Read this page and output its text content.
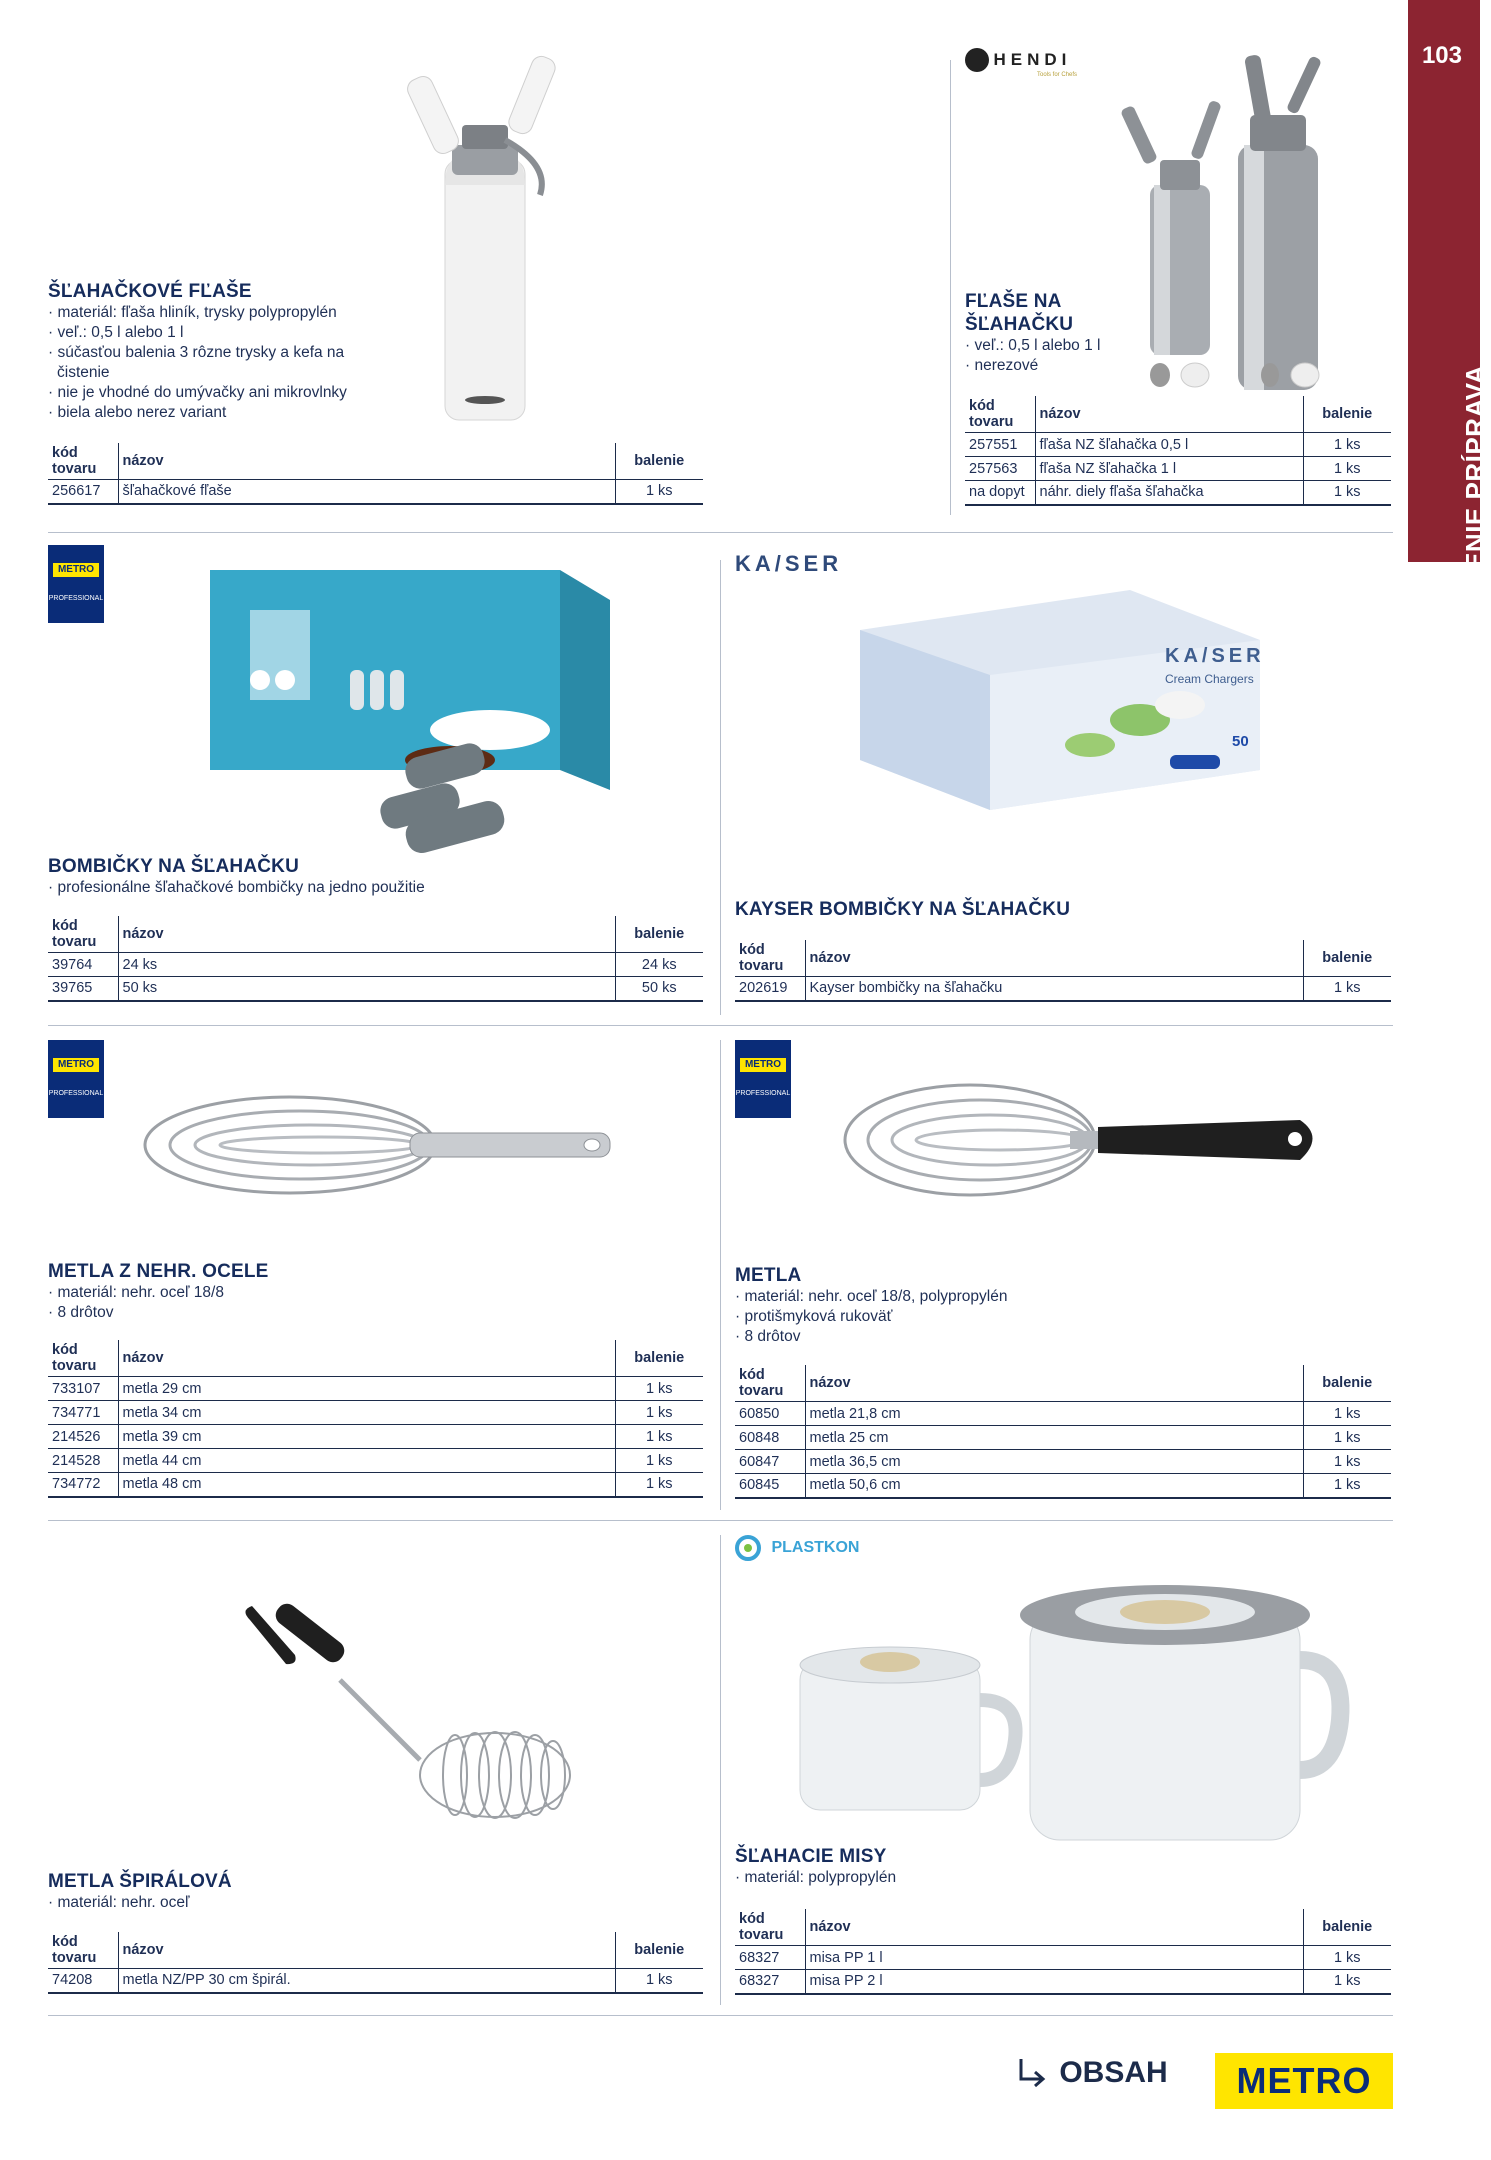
103
PEČENIE PRÍPRAVA
ŠĽAHAČKOVÉ FĽAŠE
· materiál: fľaša hliník, trysky polypropylén
· veľ.: 0,5 l alebo 1 l
· súčasťou balenia 3 rôzne trysky a kefa na
čistenie
· nie je vhodné do umývačky ani mikrovlnky
· biela alebo nerez variant
kód
tovaru	názov	balenie
256617	šľahačkové fľaše	1 ks
HENDI
Tools for Chefs
FĽAŠE NA
ŠĽAHAČKU
· veľ.: 0,5 l alebo 1 l
· nerezové
kód
tovaru	názov	balenie
257551	fľaša NZ šľahačka 0,5 l	1 ks
257563	fľaša NZ šľahačka 1 l	1 ks
na dopyt	náhr. diely fľaša šľahačka	1 ks
METRO
PROFESSIONAL
BOMBIČKY NA ŠĽAHAČKU
· profesionálne šľahačkové bombičky na jedno použitie
kód
tovaru	názov	balenie
39764	24 ks	24 ks
39765	50 ks	50 ks
KA/SER
KA/SER
Cream Chargers
50
KAYSER BOMBIČKY NA ŠĽAHAČKU
kód
tovaru	názov	balenie
202619	Kayser bombičky na šľahačku	1 ks
METRO
PROFESSIONAL
METLA Z NEHR. OCELE
· materiál: nehr. oceľ 18/8
· 8 drôtov
kód
tovaru	názov	balenie
733107	metla 29 cm	1 ks
734771	metla 34 cm	1 ks
214526	metla 39 cm	1 ks
214528	metla 44 cm	1 ks
734772	metla 48 cm	1 ks
METRO
PROFESSIONAL
METLA
· materiál: nehr. oceľ 18/8, polypropylén
· protišmyková rukoväť
· 8 drôtov
kód
tovaru	názov	balenie
60850	metla 21,8 cm	1 ks
60848	metla 25 cm	1 ks
60847	metla 36,5 cm	1 ks
60845	metla 50,6 cm	1 ks
METLA ŠPIRÁLOVÁ
· materiál: nehr. oceľ
kód
tovaru	názov	balenie
74208	metla NZ/PP 30 cm špirál.	1 ks
PLASTKON
ŠĽAHACIE MISY
· materiál: polypropylén
kód
tovaru	názov	balenie
68327	misa PP 1 l	1 ks
68327	misa PP 2 l	1 ks
OBSAH	METRO
